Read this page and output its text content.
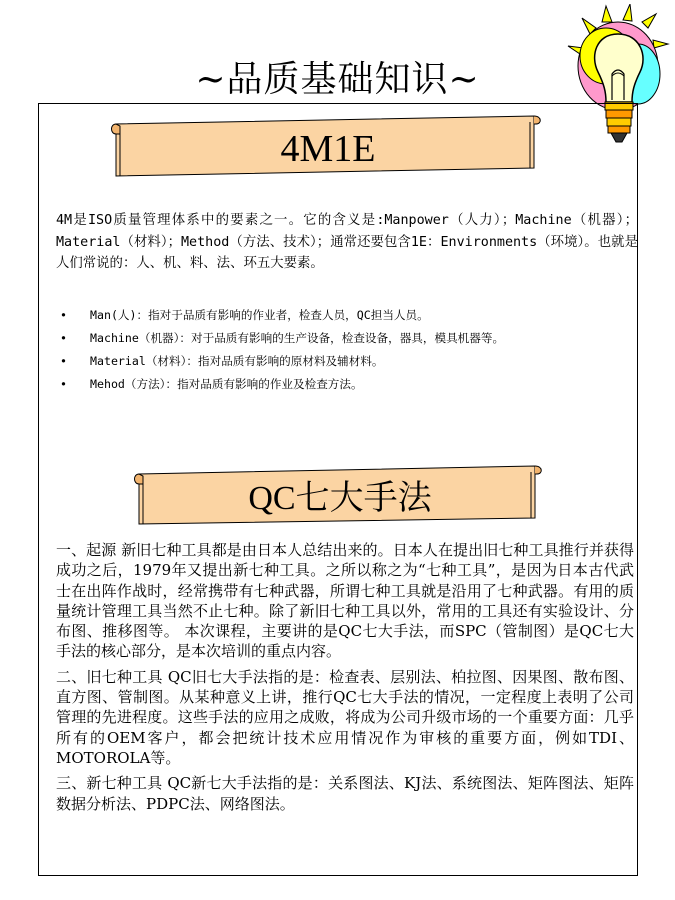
~品质基础知识~
4M1E

4M是ISO质量管理体系中的要素之一。它的含义是:Manpower（人力）；Machine（机器）；Material（材料）；Method（方法、技术）；通常还要包含1E：Environments（环境）。也就是人们常说的：人、机、料、法、环五大要素。

• Man(人)：指对于品质有影响的作业者，检查人员，QC担当人员。
• Machine（机器）：对于品质有影响的生产设备，检查设备，器具，模具机器等。
• Material（材料）：指对品质有影响的原材料及辅材料。
• Mehod（方法）：指对品质有影响的作业及检查方法。
QC七大手法

一、起源 新旧七种工具都是由日本人总结出来的。日本人在提出旧七种工具推行并获得成功之后，1979年又提出新七种工具。之所以称之为“七种工具”，是因为日本古代武士在出阵作战时，经常携带有七种武器，所谓七种工具就是沿用了七种武器。有用的质量统计管理工具当然不止七种。除了新旧七种工具以外，常用的工具还有实验设计、分布图、推移图等。 本次课程，主要讲的是QC七大手法，而SPC（管制图）是QC七大手法的核心部分，是本次培训的重点内容。

二、旧七种工具 QC旧七大手法指的是：检查表、层别法、柏拉图、因果图、散布图、直方图、管制图。从某种意义上讲，推行QC七大手法的情况，一定程度上表明了公司管理的先进程度。这些手法的应用之成败，将成为公司升级市场的一个重要方面：几乎所有的OEM客户，都会把统计技术应用情况作为审核的重要方面，例如TDI、MOTOROLA等。

三、新七种工具 QC新七大手法指的是：关系图法、KJ法、系统图法、矩阵图法、矩阵数据分析法、PDPC法、网络图法。
